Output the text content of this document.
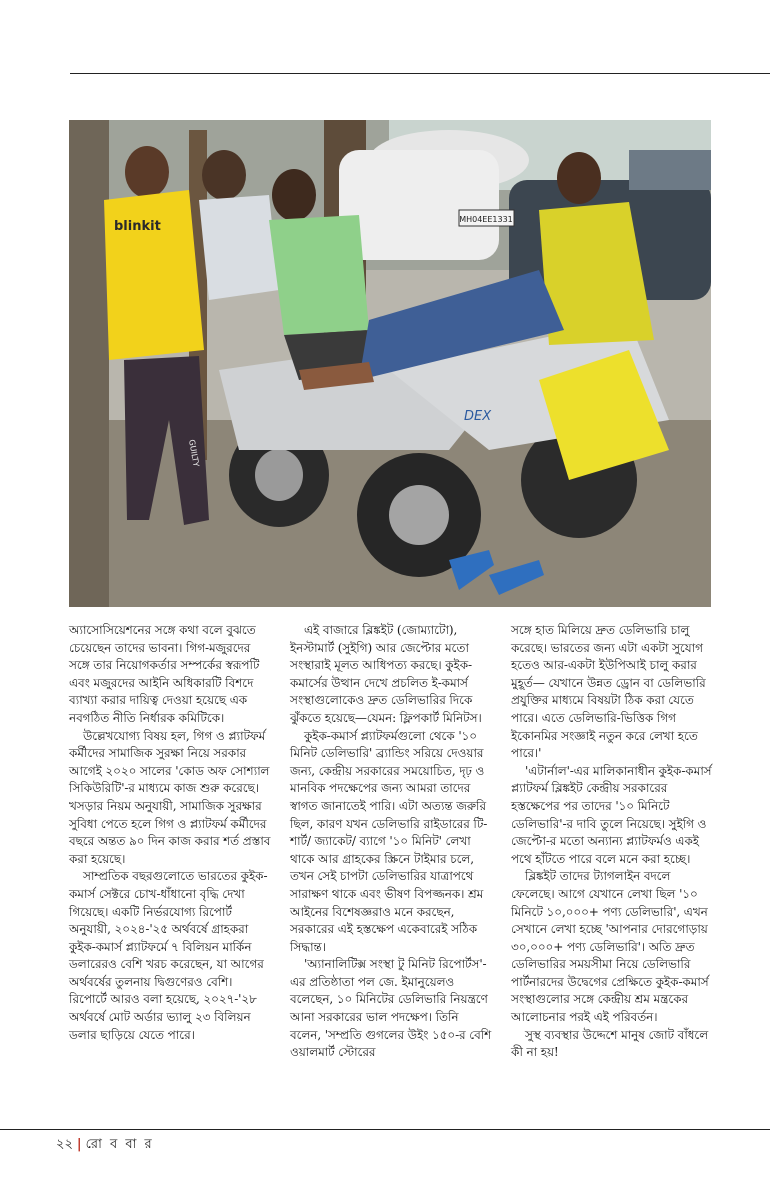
MH04EE1331
DEX
blinkit
GUILTY

অ্যাসোসিয়েশনের সঙ্গে কথা বলে বুঝতে চেয়েছেন তাদের ভাবনা। গিগ-মজুরদের সঙ্গে তার নিয়োগকর্তার সম্পর্কের স্বরূপটি এবং মজুরদের আইনি অধিকারটি বিশদে ব্যাখ্যা করার দায়িত্ব দেওয়া হয়েছে এক নবগঠিত নীতি নির্ধারক কমিটিকে।

উল্লেখযোগ্য বিষয় হল, গিগ ও প্ল্যাটফর্ম কর্মীদের সামাজিক সুরক্ষা নিয়ে সরকার আগেই ২০২০ সালের 'কোড অফ সোশ্যাল সিকিউরিটি'-র মাধ্যমে কাজ শুরু করেছে। খসড়ার নিয়ম অনুযায়ী, সামাজিক সুরক্ষার সুবিধা পেতে হলে গিগ ও প্ল্যাটফর্ম কর্মীদের বছরে অন্তত ৯০ দিন কাজ করার শর্ত প্রস্তাব করা হয়েছে।

সাম্প্রতিক বছরগুলোতে ভারতের কুইক-কমার্স সেক্টরে চোখ-ধাঁধানো বৃদ্ধি দেখা গিয়েছে। একটি নির্ভরযোগ্য রিপোর্ট অনুযায়ী, ২০২৪-'২৫ অর্থবর্ষে গ্রাহকরা কুইক-কমার্স প্ল্যাটফর্মে ৭ বিলিয়ন মার্কিন ডলারেরও বেশি খরচ করেছেন, যা আগের অর্থবর্ষের তুলনায় দ্বিগুণেরও বেশি। রিপোর্টে আরও বলা হয়েছে, ২০২৭-'২৮ অর্থবর্ষে মোট অর্ডার ভ্যালু ২৩ বিলিয়ন ডলার ছাড়িয়ে যেতে পারে।

এই বাজারে ব্লিঙ্কইট (জোম্যাটো), ইনস্টামার্ট (সুইগি) আর জেপ্টোর মতো সংস্থারাই মূলত আধিপত্য করছে। কুইক-কমার্সের উত্থান দেখে প্রচলিত ই-কমার্স সংস্থাগুলোকেও দ্রুত ডেলিভারির দিকে ঝুঁকতে হয়েছে—যেমন: ফ্লিপকার্ট মিনিটস।

কুইক-কমার্স প্ল্যাটফর্মগুলো থেকে '১০ মিনিট ডেলিভারি' ব্র্যান্ডিং সরিয়ে দেওয়ার জন্য, কেন্দ্রীয় সরকারের সময়োচিত, দৃঢ় ও মানবিক পদক্ষেপের জন্য আমরা তাদের স্বাগত জানাতেই পারি। এটা অত্যন্ত জরুরি ছিল, কারণ যখন ডেলিভারি রাইডারের টি-শার্ট/ জ্যাকেট/ ব্যাগে '১০ মিনিট' লেখা থাকে আর গ্রাহকের স্ক্রিনে টাইমার চলে, তখন সেই চাপটা ডেলিভারির যাত্রাপথে সারাক্ষণ থাকে এবং ভীষণ বিপজ্জনক। শ্রম আইনের বিশেষজ্ঞরাও মনে করছেন, সরকারের এই হস্তক্ষেপ একেবারেই সঠিক সিদ্ধান্ত।

'অ্যানালিটিক্স সংস্থা টু মিনিট রিপোর্টস'-এর প্রতিষ্ঠাতা পল জে. ইমানুয়েলও বলেছেন, ১০ মিনিটের ডেলিভারি নিয়ন্ত্রণে আনা সরকারের ভাল পদক্ষেপ। তিনি বলেন, 'সম্প্রতি গুগলের উইং ১৫০-র বেশি ওয়ালমার্ট স্টোরের

সঙ্গে হাত মিলিয়ে দ্রুত ডেলিভারি চালু করেছে। ভারতের জন্য এটা একটা সুযোগ হতেও আর-একটা ইউপিআই চালু করার মুহূর্ত— যেখানে উন্নত ড্রোন বা ডেলিভারি প্রযুক্তির মাধ্যমে বিষয়টা ঠিক করা যেতে পারে। এতে ডেলিভারি-ভিত্তিক গিগ ইকোনমির সংজ্ঞাই নতুন করে লেখা হতে পারে।'

'এটার্নাল'-এর মালিকানাধীন কুইক-কমার্স প্ল্যাটফর্ম ব্লিঙ্কইট কেন্দ্রীয় সরকারের হস্তক্ষেপের পর তাদের '১০ মিনিটে ডেলিভারি'-র দাবি তুলে নিয়েছে। সুইগি ও জেপ্টো-র মতো অন্যান্য প্ল্যাটফর্মও একই পথে হাঁটতে পারে বলে মনে করা হচ্ছে।

ব্লিঙ্কইট তাদের ট্যাগলাইন বদলে ফেলেছে। আগে যেখানে লেখা ছিল '১০ মিনিটে ১০,০০০+ পণ্য ডেলিভারি', এখন সেখানে লেখা হচ্ছে 'আপনার দোরগোড়ায় ৩০,০০০+ পণ্য ডেলিভারি'। অতি দ্রুত ডেলিভারির সময়সীমা নিয়ে ডেলিভারি পার্টনারদের উদ্বেগের প্রেক্ষিতে কুইক-কমার্স সংস্থাগুলোর সঙ্গে কেন্দ্রীয় শ্রম মন্ত্রকের আলোচনার পরই এই পরিবর্তন।

সুস্থ ব্যবস্থার উদ্দেশে মানুষ জোট বাঁধলে কী না হয়!

২২ | রো ব বা র
